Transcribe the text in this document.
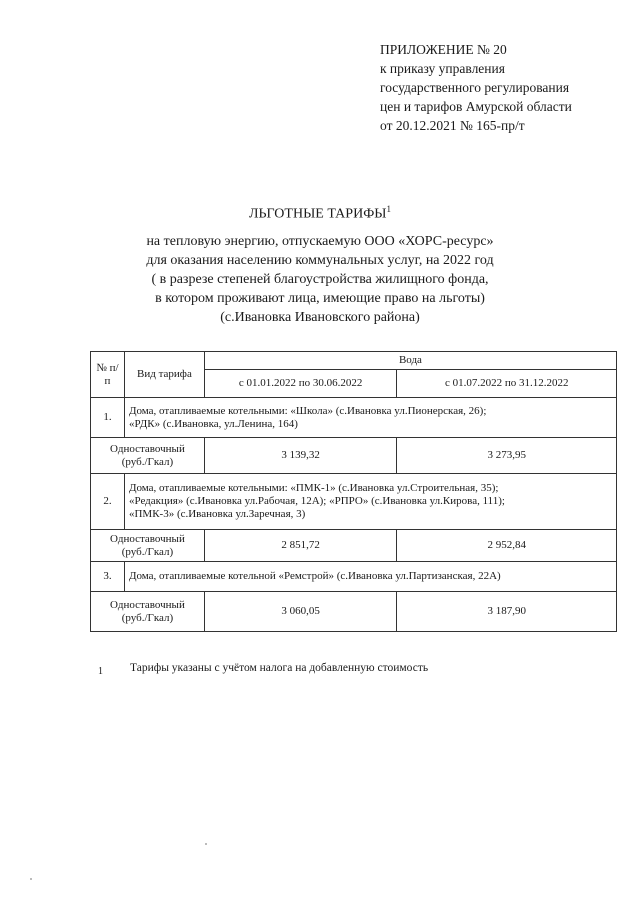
ПРИЛОЖЕНИЕ № 20
к приказу управления
государственного регулирования
цен и тарифов Амурской области
от 20.12.2021 № 165-пр/т
ЛЬГОТНЫЕ ТАРИФЫ$^1$
на тепловую энергию, отпускаемую ООО «ХОРС-ресурс»
для оказания населению коммунальных услуг, на 2022 год
( в разрезе степеней благоустройства жилищного фонда,
в котором проживают лица, имеющие право на льготы)
(с.Ивановка Ивановского района)
№ п/п	Вид тарифа	Вода	
		с 01.01.2022 по 30.06.2022	с 01.07.2022 по 31.12.2022
1.	Дома, отапливаемые котельными: «Школа» (с.Ивановка ул.Пионерская, 26);
«РДК» (с.Ивановка, ул.Ленина, 164)		

Одноставочный
(руб./Гкал)		3 139,32	3 273,95
2.	Дома, отапливаемые котельными: «ПМК-1» (с.Ивановка ул.Строительная, 35);
«Редакция» (с.Ивановка ул.Рабочая, 12А); «РПРО» (с.Ивановка ул.Кирова, 111);
«ПМК-3» (с.Ивановка ул.Заречная, 3)		

Одноставочный
(руб./Гкал)		2 851,72	2 952,84
3.	Дома, отапливаемые котельной «Ремстрой» (с.Ивановка ул.Партизанская, 22А)		

Одноставочный
(руб./Гкал)		3 060,05	3 187,90
1 Тарифы указаны с учётом налога на добавленную стоимость
